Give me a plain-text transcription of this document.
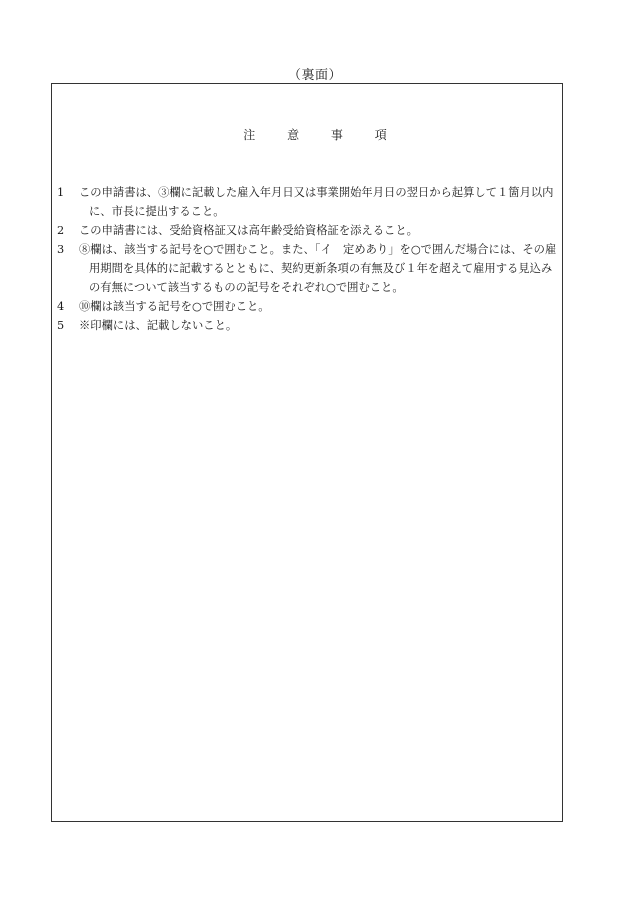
（裏面）
注	意	事	項
1	この申請書は、③欄に記載した雇入年月日又は事業開始年月日の翌日から起算して１箇月以内に、市長に提出すること。
2	この申請書には、受給資格証又は高年齢受給資格証を添えること。
3	⑧欄は、該当する記号を○で囲むこと。また、「イ　定めあり」を○で囲んだ場合には、その雇用期間を具体的に記載するとともに、契約更新条項の有無及び１年を超えて雇用する見込みの有無について該当するものの記号をそれぞれ○で囲むこと。
4	⑩欄は該当する記号を○で囲むこと。
5	※印欄には、記載しないこと。
